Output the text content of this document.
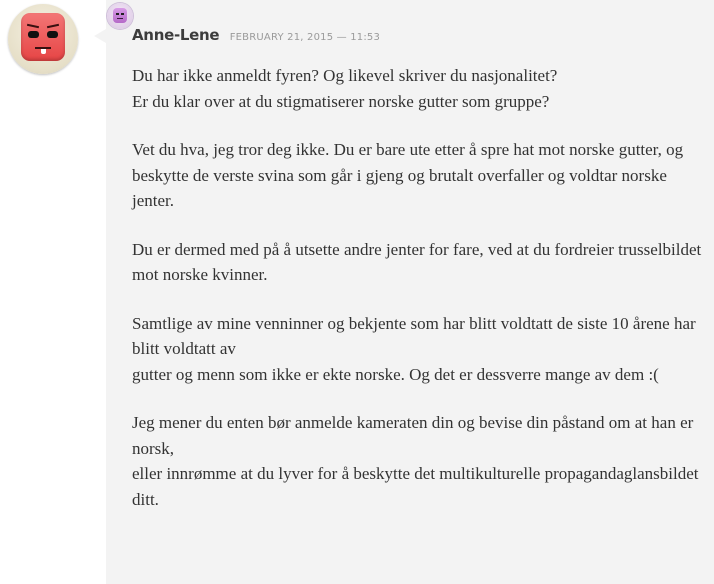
Anne-Lene FEBRUARY 21, 2015 — 11:53

Du har ikke anmeldt fyren? Og likevel skriver du nasjonalitet?
Er du klar over at du stigmatiserer norske gutter som gruppe?

Vet du hva, jeg tror deg ikke. Du er bare ute etter å spre hat mot norske gutter, og
beskytte de verste svina som går i gjeng og brutalt overfaller og voldtar norske jenter.

Du er dermed med på å utsette andre jenter for fare, ved at du fordreier trusselbildet
mot norske kvinner.

Samtlige av mine venninner og bekjente som har blitt voldtatt de siste 10 årene har blitt voldtatt av
gutter og menn som ikke er ekte norske. Og det er dessverre mange av dem :(

Jeg mener du enten bør anmelde kameraten din og bevise din påstand om at han er norsk,
eller innrømme at du lyver for å beskytte det multikulturelle propagandaglansbildet ditt.
